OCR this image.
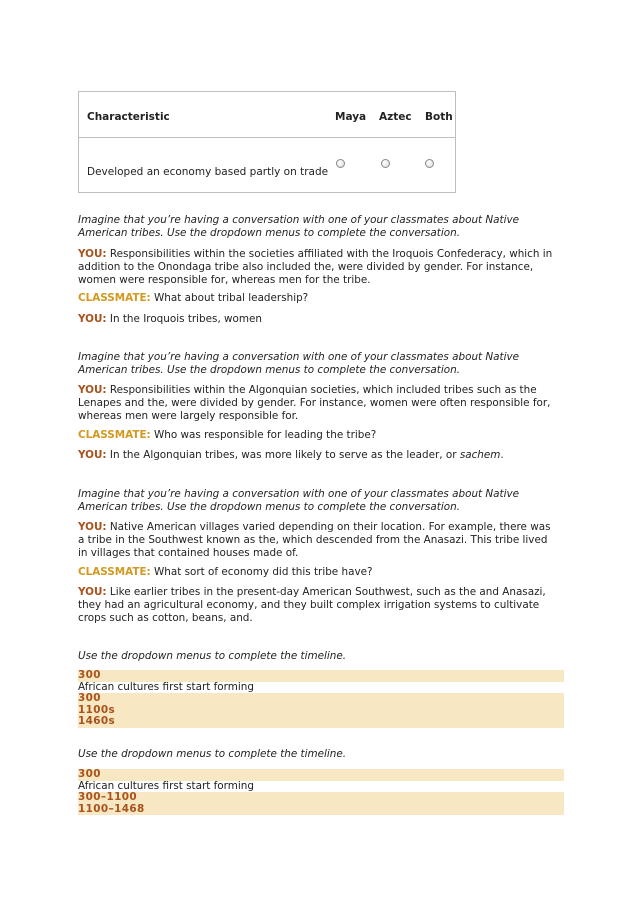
Characteristic	Maya Aztec Both
Developed an economy based partly on trade

Imagine that you’re having a conversation with one of your classmates about Native American tribes. Use the dropdown menus to complete the conversation.

YOU: Responsibilities within the societies affiliated with the Iroquois Confederacy, which in addition to the Onondaga tribe also included the, were divided by gender. For instance, women were responsible for, whereas men for the tribe.

CLASSMATE: What about tribal leadership?

YOU: In the Iroquois tribes, women

Imagine that you’re having a conversation with one of your classmates about Native American tribes. Use the dropdown menus to complete the conversation.

YOU: Responsibilities within the Algonquian societies, which included tribes such as the Lenapes and the, were divided by gender. For instance, women were often responsible for, whereas men were largely responsible for.

CLASSMATE: Who was responsible for leading the tribe?

YOU: In the Algonquian tribes, was more likely to serve as the leader, or sachem.

Imagine that you’re having a conversation with one of your classmates about Native American tribes. Use the dropdown menus to complete the conversation.

YOU: Native American villages varied depending on their location. For example, there was a tribe in the Southwest known as the, which descended from the Anasazi. This tribe lived in villages that contained houses made of.

CLASSMATE: What sort of economy did this tribe have?

YOU: Like earlier tribes in the present-day American Southwest, such as the and Anasazi, they had an agricultural economy, and they built complex irrigation systems to cultivate crops such as cotton, beans, and.

Use the dropdown menus to complete the timeline.

300
African cultures first start forming
300
1100s
1460s

Use the dropdown menus to complete the timeline.

300
African cultures first start forming
300–1100
1100–1468
